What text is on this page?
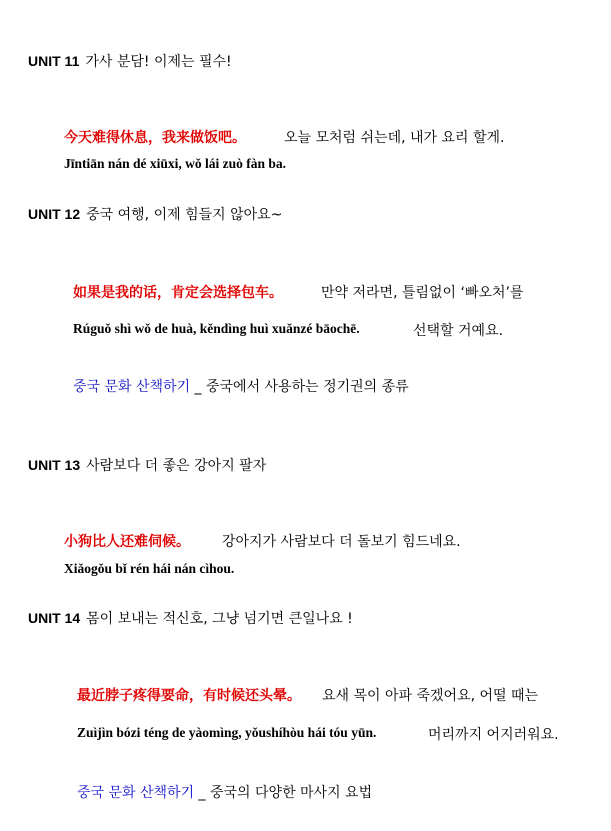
UNIT 11 가사 분담! 이제는 필수!
今天难得休息，我来做饭吧。	오늘 모처럼 쉬는데, 내가 요리 할게.
Jīntiān nán dé xiūxi, wǒ lái zuò fàn ba.
UNIT 12 중국 여행, 이제 힘들지 않아요~
如果是我的话，肯定会选择包车。	만약 저라면, 틀림없이 ‘빠오처’를
Rúguǒ shì wǒ de huà, kěndìng huì xuǎnzé bāochē.	선택할 거예요.
중국 문화 산책하기 _ 중국에서 사용하는 정기권의 종류
UNIT 13 사람보다 더 좋은 강아지 팔자
小狗比人还难伺候。 강아지가 사람보다 더 돌보기 힘드네요.
Xiǎogǒu bǐ rén hái nán cìhou.
UNIT 14 몸이 보내는 적신호, 그냥 넘기면 큰일나요 !
最近脖子疼得要命，有时候还头晕。 요새 목이 아파 죽겠어요, 어떨 때는
Zuìjìn bózi téng de yàomìng, yǒushíhòu hái tóu yūn.	머리까지 어지러워요.
중국 문화 산책하기 _ 중국의 다양한 마사지 요법
